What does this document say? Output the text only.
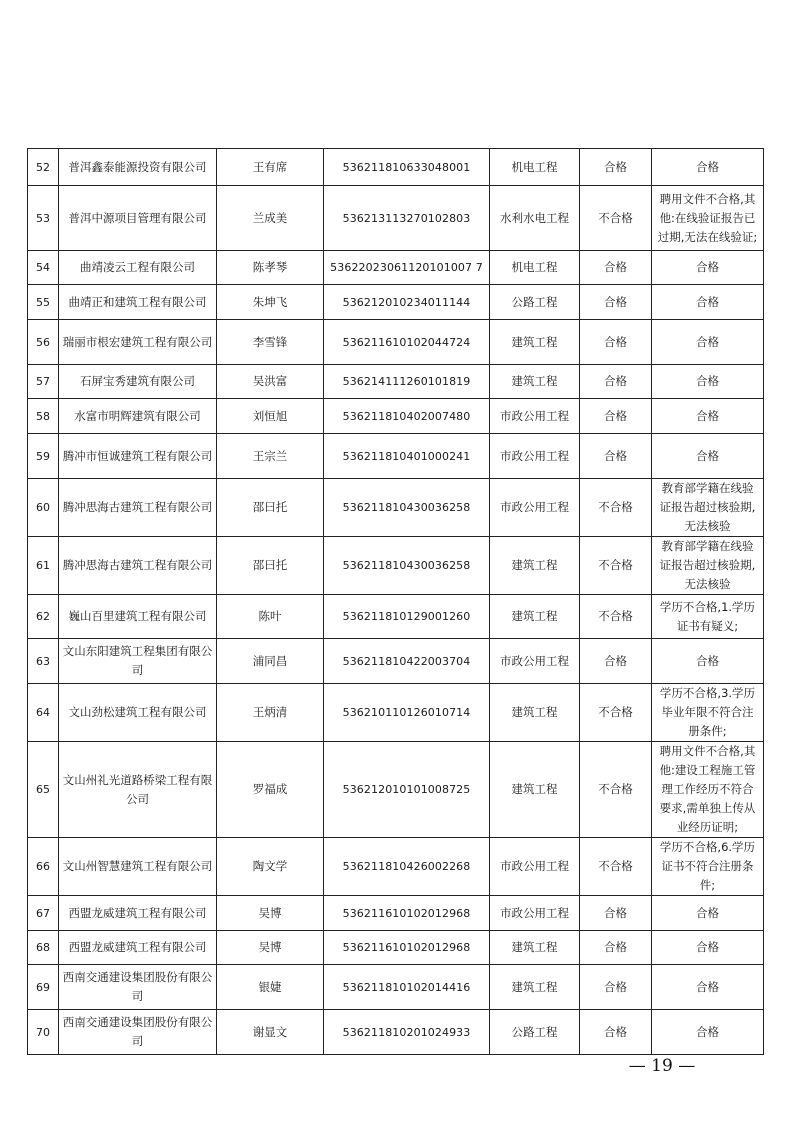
52	普洱鑫泰能源投资有限公司	王有席	536211810633048001	机电工程	合格	合格
53	普洱中源项目管理有限公司	兰成美	536213113270102803	水利水电工程	不合格	聘用文件不合格,其他:在线验证报告已过期,无法在线验证;
54	曲靖凌云工程有限公司	陈孝琴	53622023061120101007 7	机电工程	合格	合格
55	曲靖正和建筑工程有限公司	朱坤飞	536212010234011144	公路工程	合格	合格
56	瑞丽市根宏建筑工程有限公司	李雪锋	536211610102044724	建筑工程	合格	合格
57	石屏宝秀建筑有限公司	吴洪富	536214111260101819	建筑工程	合格	合格
58	水富市明辉建筑有限公司	刘恒旭	536211810402007480	市政公用工程	合格	合格
59	腾冲市恒诚建筑工程有限公司	王宗兰	536211810401000241	市政公用工程	合格	合格
60	腾冲思海古建筑工程有限公司	邵曰托	536211810430036258	市政公用工程	不合格	教育部学籍在线验证报告超过核验期,无法核验
61	腾冲思海古建筑工程有限公司	邵曰托	536211810430036258	建筑工程	不合格	教育部学籍在线验证报告超过核验期,无法核验
62	巍山百里建筑工程有限公司	陈叶	536211810129001260	建筑工程	不合格	学历不合格,1.学历证书有疑义;
63	文山东阳建筑工程集团有限公司	浦同昌	536211810422003704	市政公用工程	合格	合格
64	文山劲松建筑工程有限公司	王炳清	536210110126010714	建筑工程	不合格	学历不合格,3.学历毕业年限不符合注册条件;
65	文山州礼光道路桥梁工程有限公司	罗福成	536212010101008725	建筑工程	不合格	聘用文件不合格,其他:建设工程施工管理工作经历不符合要求,需单独上传从业经历证明;
66	文山州智慧建筑工程有限公司	陶文学	536211810426002268	市政公用工程	不合格	学历不合格,6.学历证书不符合注册条件;
67	西盟龙威建筑工程有限公司	吴博	536211610102012968	市政公用工程	合格	合格
68	西盟龙威建筑工程有限公司	吴博	536211610102012968	建筑工程	合格	合格
69	西南交通建设集团股份有限公司	银婕	536211810102014416	建筑工程	合格	合格
70	西南交通建设集团股份有限公司	谢显文	536211810201024933	公路工程	合格	合格
— 19 —
